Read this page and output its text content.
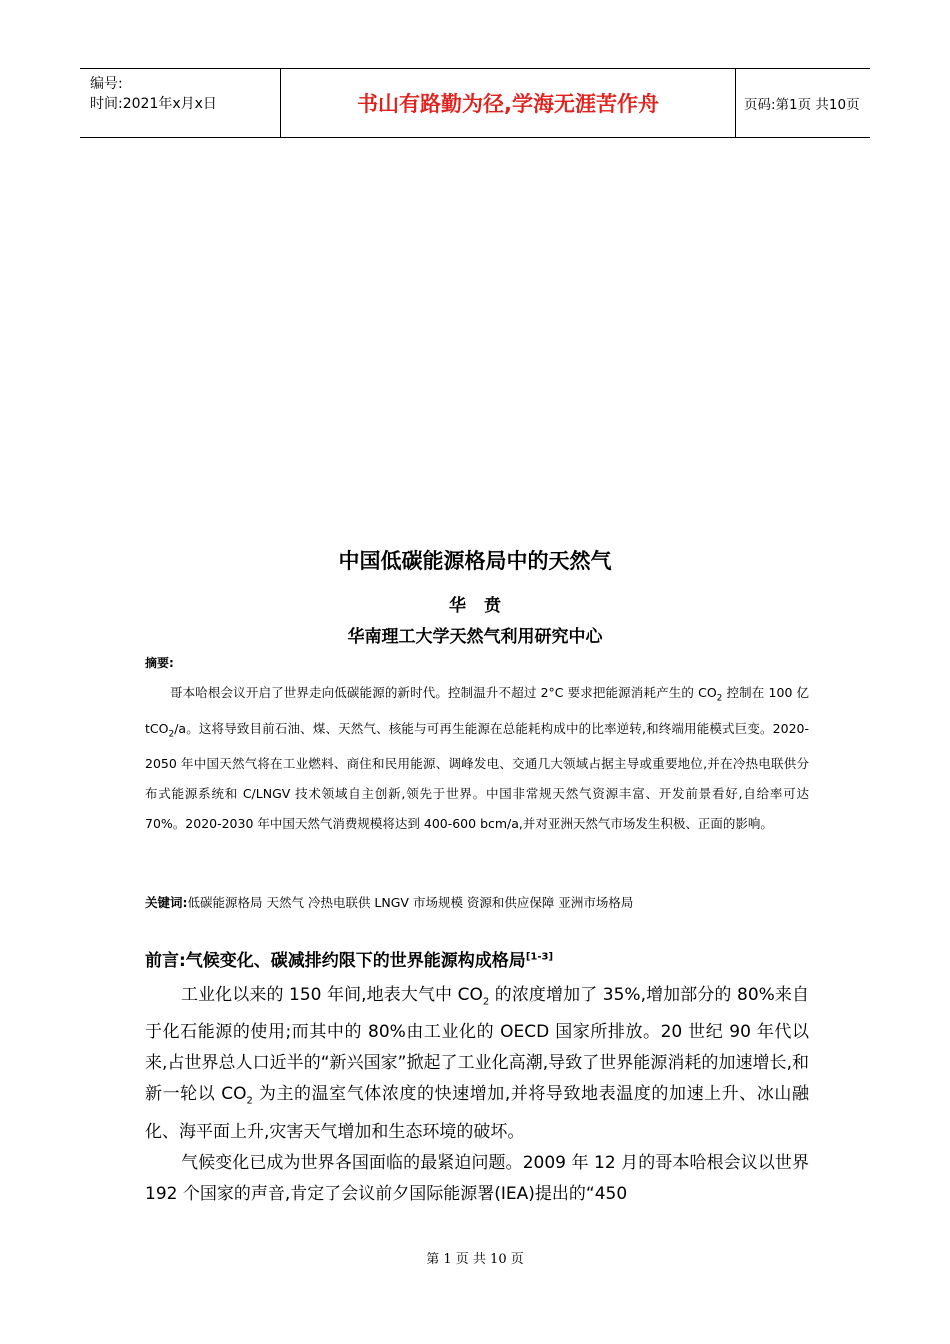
编号:
时间:2021年x月x日	书山有路勤为径,学海无涯苦作舟	页码:第1页 共10页
中国低碳能源格局中的天然气
华贲
华南理工大学天然气利用研究中心
摘要:
哥本哈根会议开启了世界走向低碳能源的新时代。控制温升不超过 2°C 要求把能源消耗产生的 $CO_2$ 控制在 100 亿 tCO$_2$/a。这将导致目前石油、煤、天然气、核能与可再生能源在总能耗构成中的比率逆转,和终端用能模式巨变。2020-2050 年中国天然气将在工业燃料、商住和民用能源、调峰发电、交通几大领域占据主导或重要地位,并在冷热电联供分布式能源系统和 C/LNGV 技术领域自主创新,领先于世界。中国非常规天然气资源丰富、开发前景看好,自给率可达 70%。2020-2030 年中国天然气消费规模将达到 400-600 bcm/a,并对亚洲天然气市场发生积极、正面的影响。
关键词:低碳能源格局 天然气 冷热电联供 LNGV 市场规模 资源和供应保障 亚洲市场格局
前言:气候变化、碳减排约限下的世界能源构成格局[1-3]

工业化以来的 150 年间,地表大气中 $CO_2$ 的浓度增加了 35%,增加部分的 80%来自于化石能源的使用;而其中的 80%由工业化的 OECD 国家所排放。20 世纪 90 年代以来,占世界总人口近半的“新兴国家”掀起了工业化高潮,导致了世界能源消耗的加速增长,和新一轮以 $CO_2$ 为主的温室气体浓度的快速增加,并将导致地表温度的加速上升、冰山融化、海平面上升,灾害天气增加和生态环境的破坏。

气候变化已成为世界各国面临的最紧迫问题。2009 年 12 月的哥本哈根会议以世界 192 个国家的声音,肯定了会议前夕国际能源署(IEA)提出的“450

第 1 页 共 10 页
